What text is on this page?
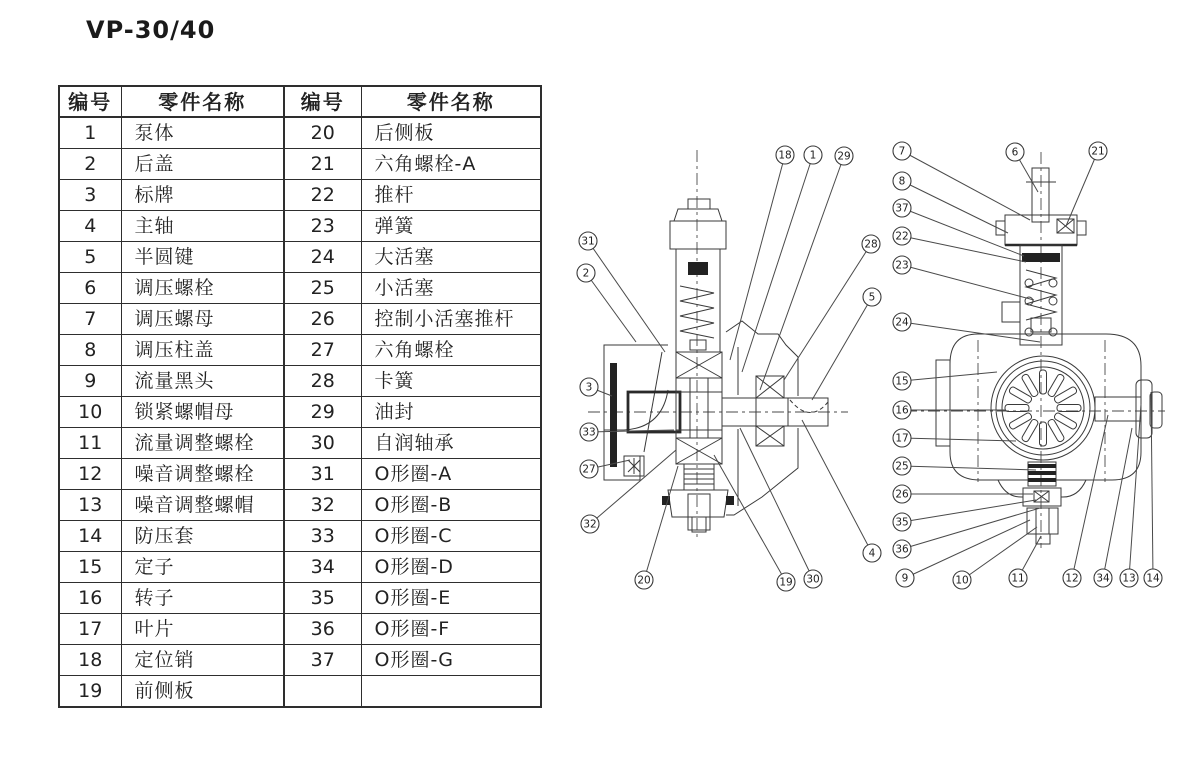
VP-30/40
编号	零件名称	编号	零件名称
1	泵体	20	后侧板
2	后盖	21	六角螺栓-A
3	标牌	22	推杆
4	主轴	23	弹簧
5	半圆键	24	大活塞
6	调压螺栓	25	小活塞
7	调压螺母	26	控制小活塞推杆
8	调压柱盖	27	六角螺栓
9	流量黑头	28	卡簧
10	锁紧螺帽母	29	油封
11	流量调整螺栓	30	自润轴承
12	噪音调整螺栓	31	O形圈-A
13	噪音调整螺帽	32	O形圈-B
14	防压套	33	O形圈-C
15	定子	34	O形圈-D
16	转子	35	O形圈-E
17	叶片	36	O形圈-F
18	定位销	37	O形圈-G
19	前侧板		
18 1 29
31
2
28
5
3
33
27
32
20	19 30
4
7	6	21
8
37
22
23
24
15
16
17
25
26
35
36
9	10	11	12 34 13 14
